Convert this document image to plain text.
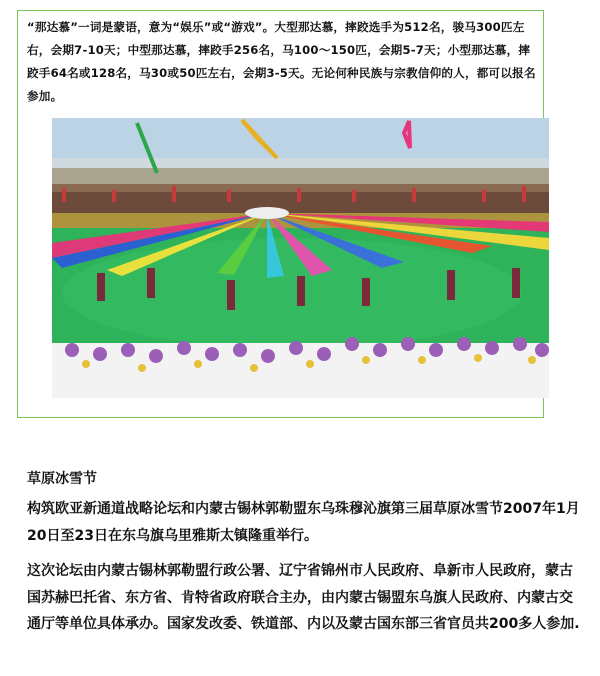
“那达慕”一词是蒙语，意为“娱乐”或“游戏”。大型那达慕，摔跤选手为512名，骏马300匹左右，会期7-10天；中型那达慕，摔跤手256名，马100～150匹，会期5-7天；小型那达慕，摔跤手64名或128名，马30或50匹左右，会期3-5天。无论何种民族与宗教信仰的人，都可以报名参加。
草原冰雪节

构筑欧亚新通道战略论坛和内蒙古锡林郭勒盟东乌珠穆沁旗第三届草原冰雪节2007年1月20日至23日在东乌旗乌里雅斯太镇隆重举行。

这次论坛由内蒙古锡林郭勒盟行政公署、辽宁省锦州市人民政府、阜新市人民政府，蒙古国苏赫巴托省、东方省、肯特省政府联合主办，由内蒙古锡盟东乌旗人民政府、内蒙古交通厅等单位具体承办。国家发改委、铁道部、内以及蒙古国东部三省官员共200多人参加.
